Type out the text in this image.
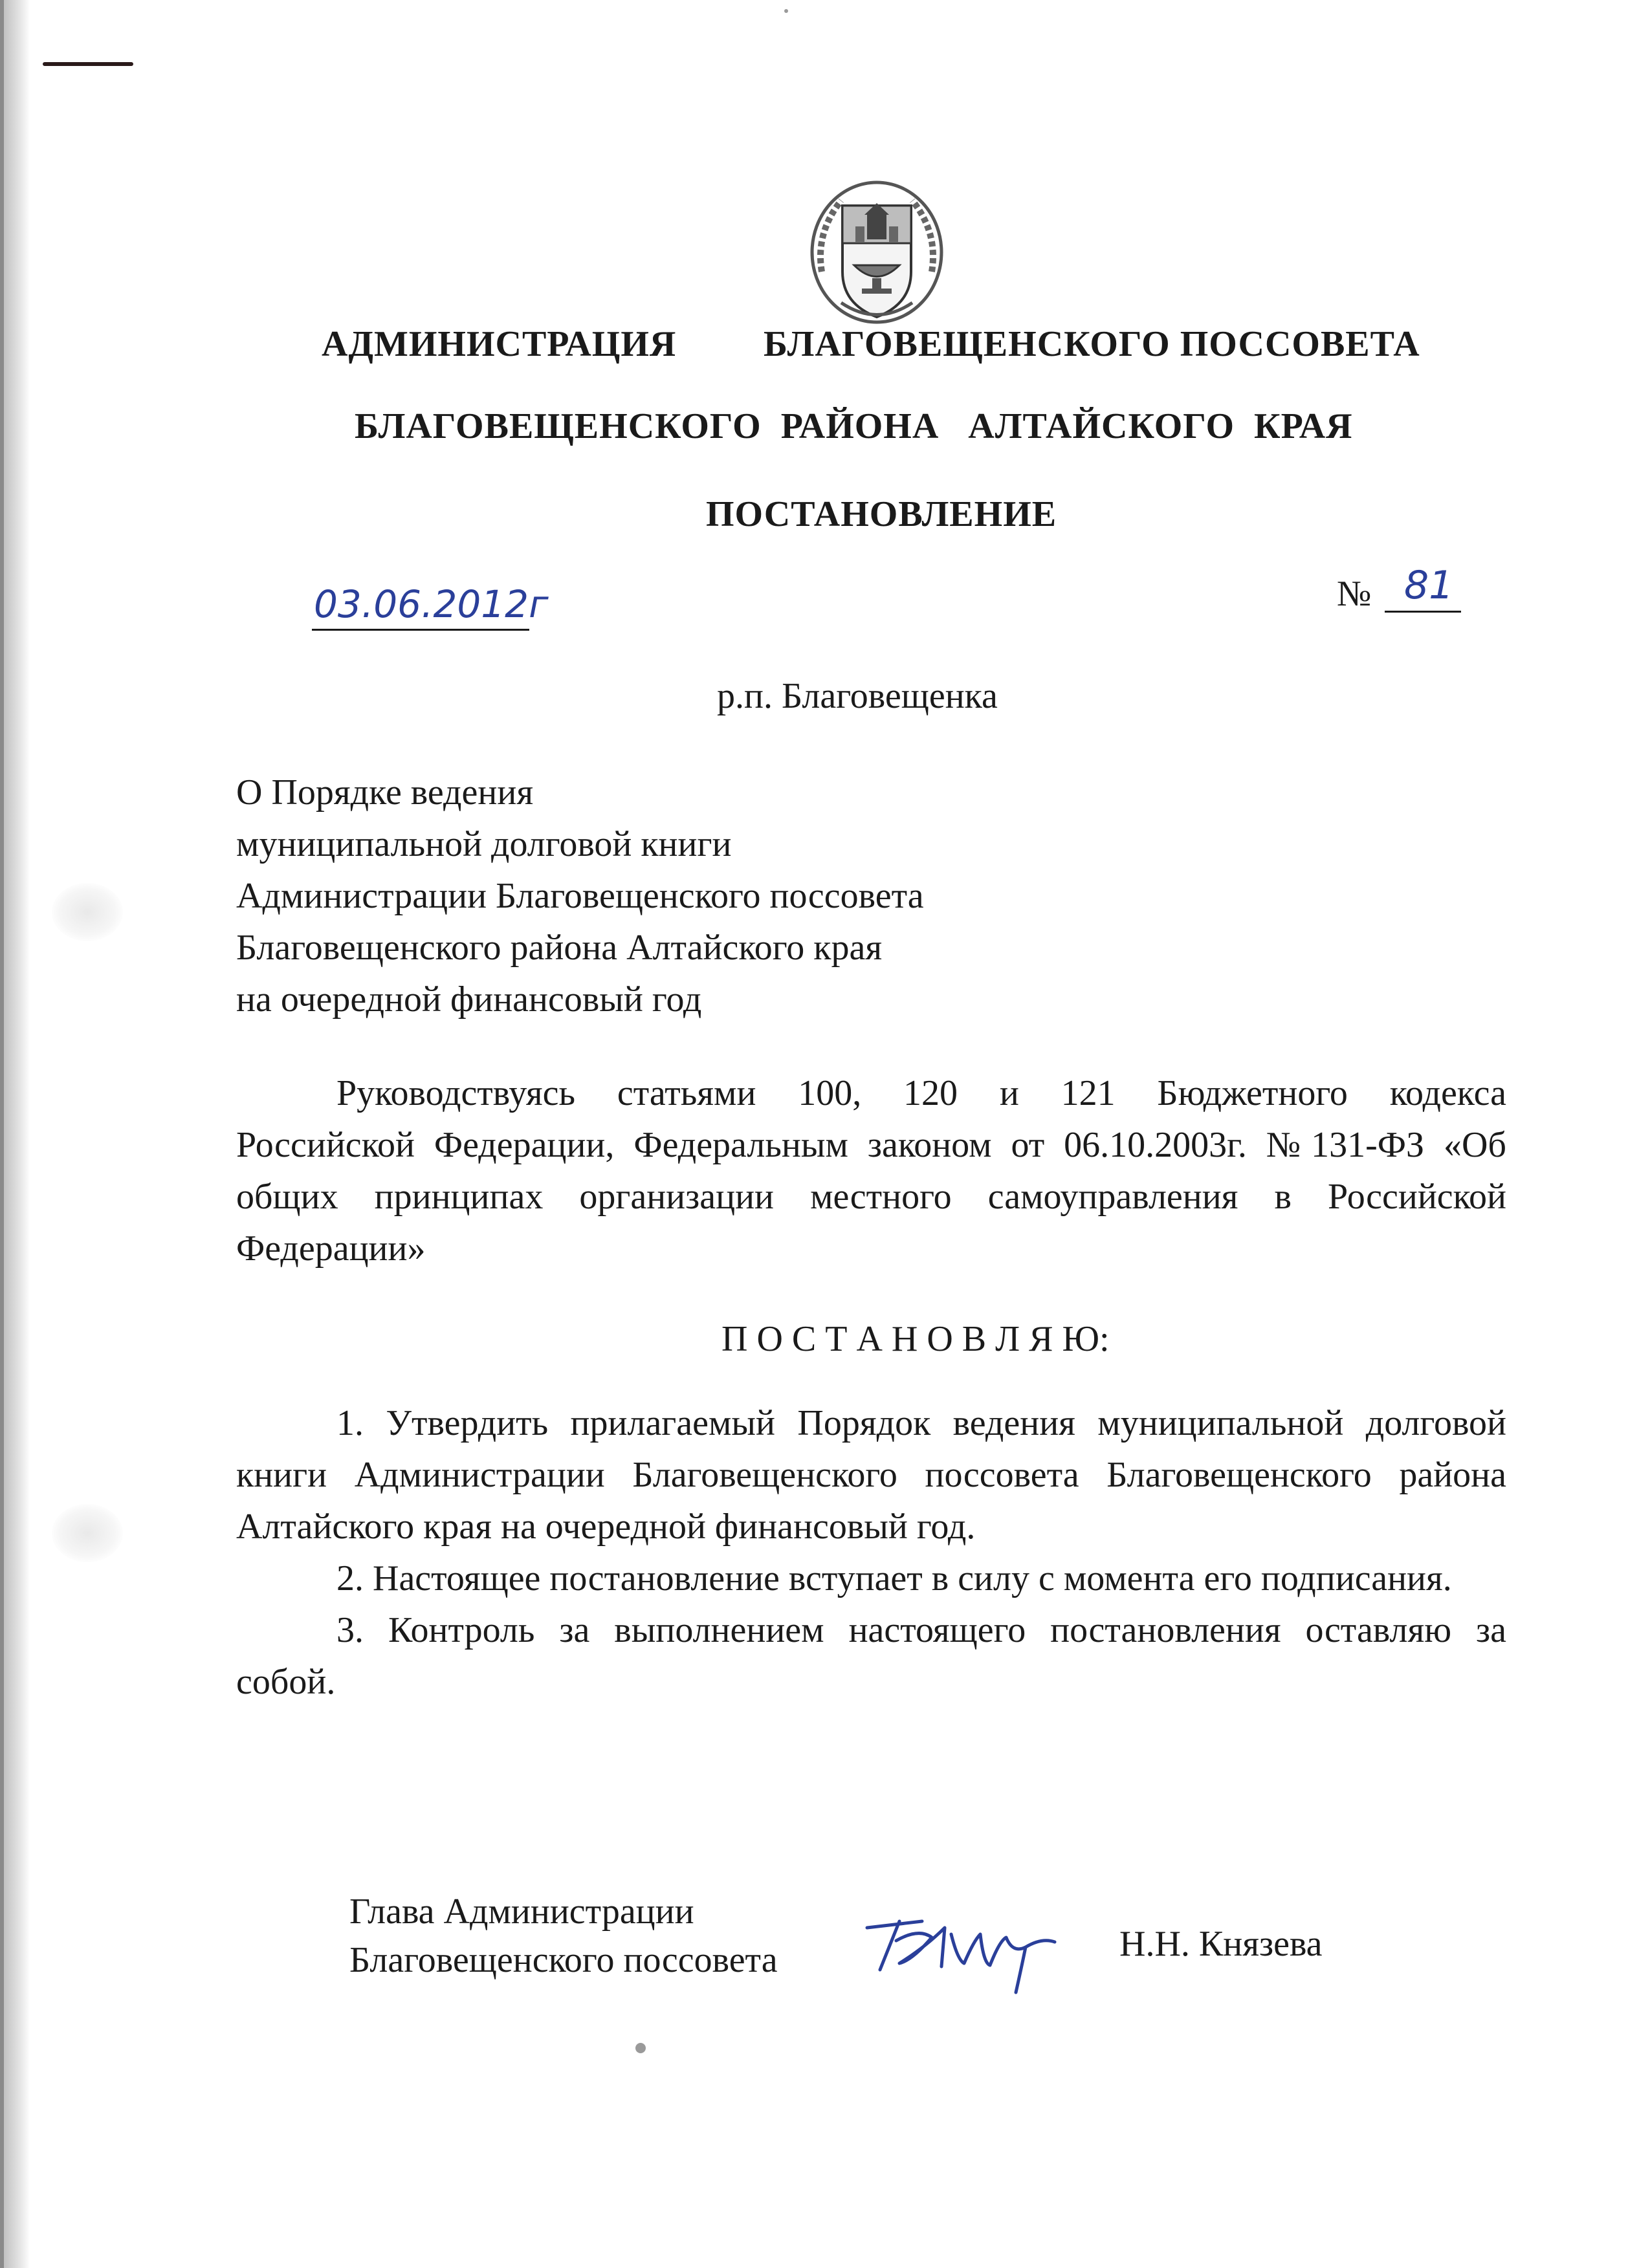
АДМИНИСТРАЦИЯ БЛАГОВЕЩЕНСКОГО ПОССОВЕТА
БЛАГОВЕЩЕНСКОГО  РАЙОНА   АЛТАЙСКОГО  КРАЯ
ПОСТАНОВЛЕНИЕ
03.06.2012г	№ 81
р.п. Благовещенка
О Порядке ведения
муниципальной долговой книги
Администрации Благовещенского поссовета
Благовещенского района Алтайского края
на очередной финансовый год
Руководствуясь статьями 100, 120 и 121 Бюджетного кодекса
Российской Федерации, Федеральным законом от 06.10.2003г. №131-ФЗ «Об
общих принципах организации местного самоуправления в Российской
Федерации»
П О С Т А Н О В Л Я Ю:
1. Утвердить прилагаемый Порядок ведения муниципальной долговой
книги Администрации Благовещенского поссовета Благовещенского района
Алтайского края на очередной финансовый год.
2. Настоящее постановление вступает в силу с момента его подписания.
3. Контроль за выполнением настоящего постановления оставляю за
собой.
Глава Администрации
Благовещенского поссовета	Н.Н. Князева
